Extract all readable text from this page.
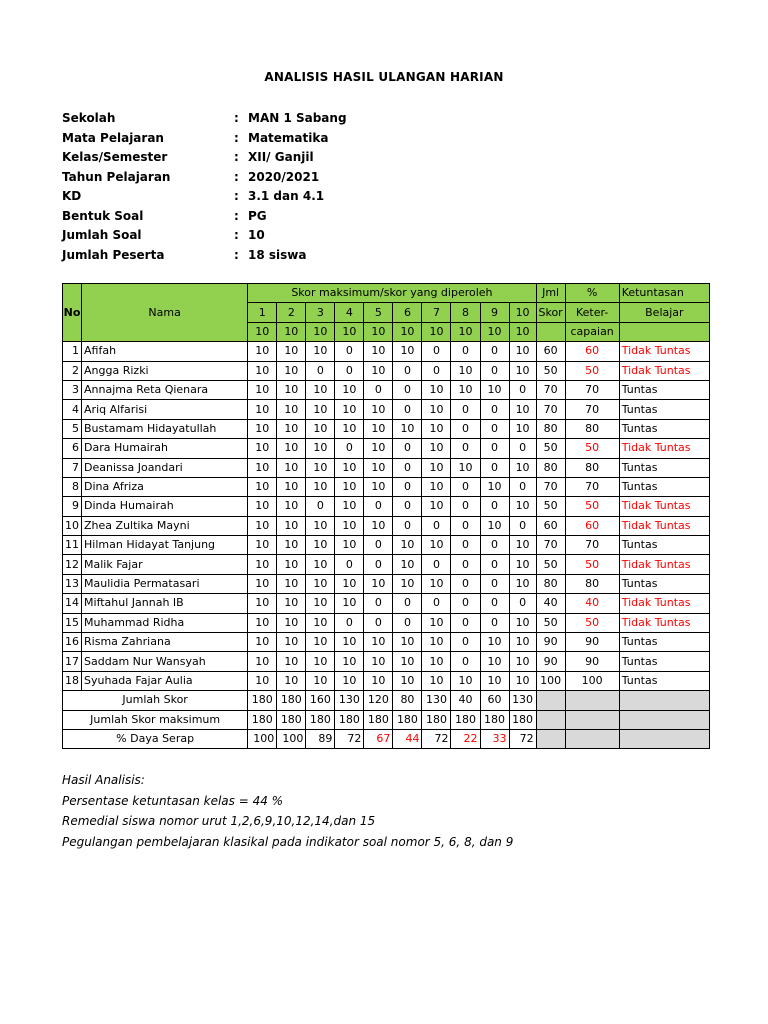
ANALISIS HASIL ULANGAN HARIAN
Sekolah	: MAN 1 Sabang
Mata Pelajaran	: Matematika
Kelas/Semester	: XII/ Ganjil
Tahun Pelajaran	: 2020/2021
KD	: 3.1 dan 4.1
Bentuk Soal	: PG
Jumlah Soal	: 10
Jumlah Peserta	: 18 siswa
No	Nama	Skor maksimum/skor yang diperoleh										Jml	%	Ketuntasan
		1	2	3	4	5	6	7	8	9	10	Skor	Keter-	Belajar
		10	10	10	10	10	10	10	10	10	10		capaian	
1	Afifah	10	10	10	0	10	10	0	0	0	10	60	60	Tidak Tuntas
2	Angga Rizki	10	10	0	0	10	0	0	10	0	10	50	50	Tidak Tuntas
3	Annajma Reta Qienara	10	10	10	10	0	0	10	10	10	0	70	70	Tuntas
4	Ariq Alfarisi	10	10	10	10	10	0	10	0	0	10	70	70	Tuntas
5	Bustamam Hidayatullah	10	10	10	10	10	10	10	0	0	10	80	80	Tuntas
6	Dara Humairah	10	10	10	0	10	0	10	0	0	0	50	50	Tidak Tuntas
7	Deanissa Joandari	10	10	10	10	10	0	10	10	0	10	80	80	Tuntas
8	Dina Afriza	10	10	10	10	10	0	10	0	10	0	70	70	Tuntas
9	Dinda Humairah	10	10	0	10	0	0	10	0	0	10	50	50	Tidak Tuntas
10	Zhea Zultika Mayni	10	10	10	10	10	0	0	0	10	0	60	60	Tidak Tuntas
11	Hilman Hidayat Tanjung	10	10	10	10	0	10	10	0	0	10	70	70	Tuntas
12	Malik Fajar	10	10	10	0	0	10	0	0	0	10	50	50	Tidak Tuntas
13	Maulidia Permatasari	10	10	10	10	10	10	10	0	0	10	80	80	Tuntas
14	Miftahul Jannah IB	10	10	10	10	0	0	0	0	0	0	40	40	Tidak Tuntas
15	Muhammad Ridha	10	10	10	0	0	0	10	0	0	10	50	50	Tidak Tuntas
16	Risma Zahriana	10	10	10	10	10	10	10	0	10	10	90	90	Tuntas
17	Saddam Nur Wansyah	10	10	10	10	10	10	10	0	10	10	90	90	Tuntas
18	Syuhada Fajar Aulia	10	10	10	10	10	10	10	10	10	10	100	100	Tuntas
Jumlah Skor		180	180	160	130	120	80	130	40	60	130			
Jumlah Skor maksimum		180	180	180	180	180	180	180	180	180	180			
% Daya Serap		100	100	89	72	67	44	72	22	33	72			
Hasil Analisis:
Persentase ketuntasan kelas = 44 %
Remedial siswa nomor urut 1,2,6,9,10,12,14,dan 15
Pegulangan pembelajaran klasikal pada indikator soal nomor 5, 6, 8, dan 9
